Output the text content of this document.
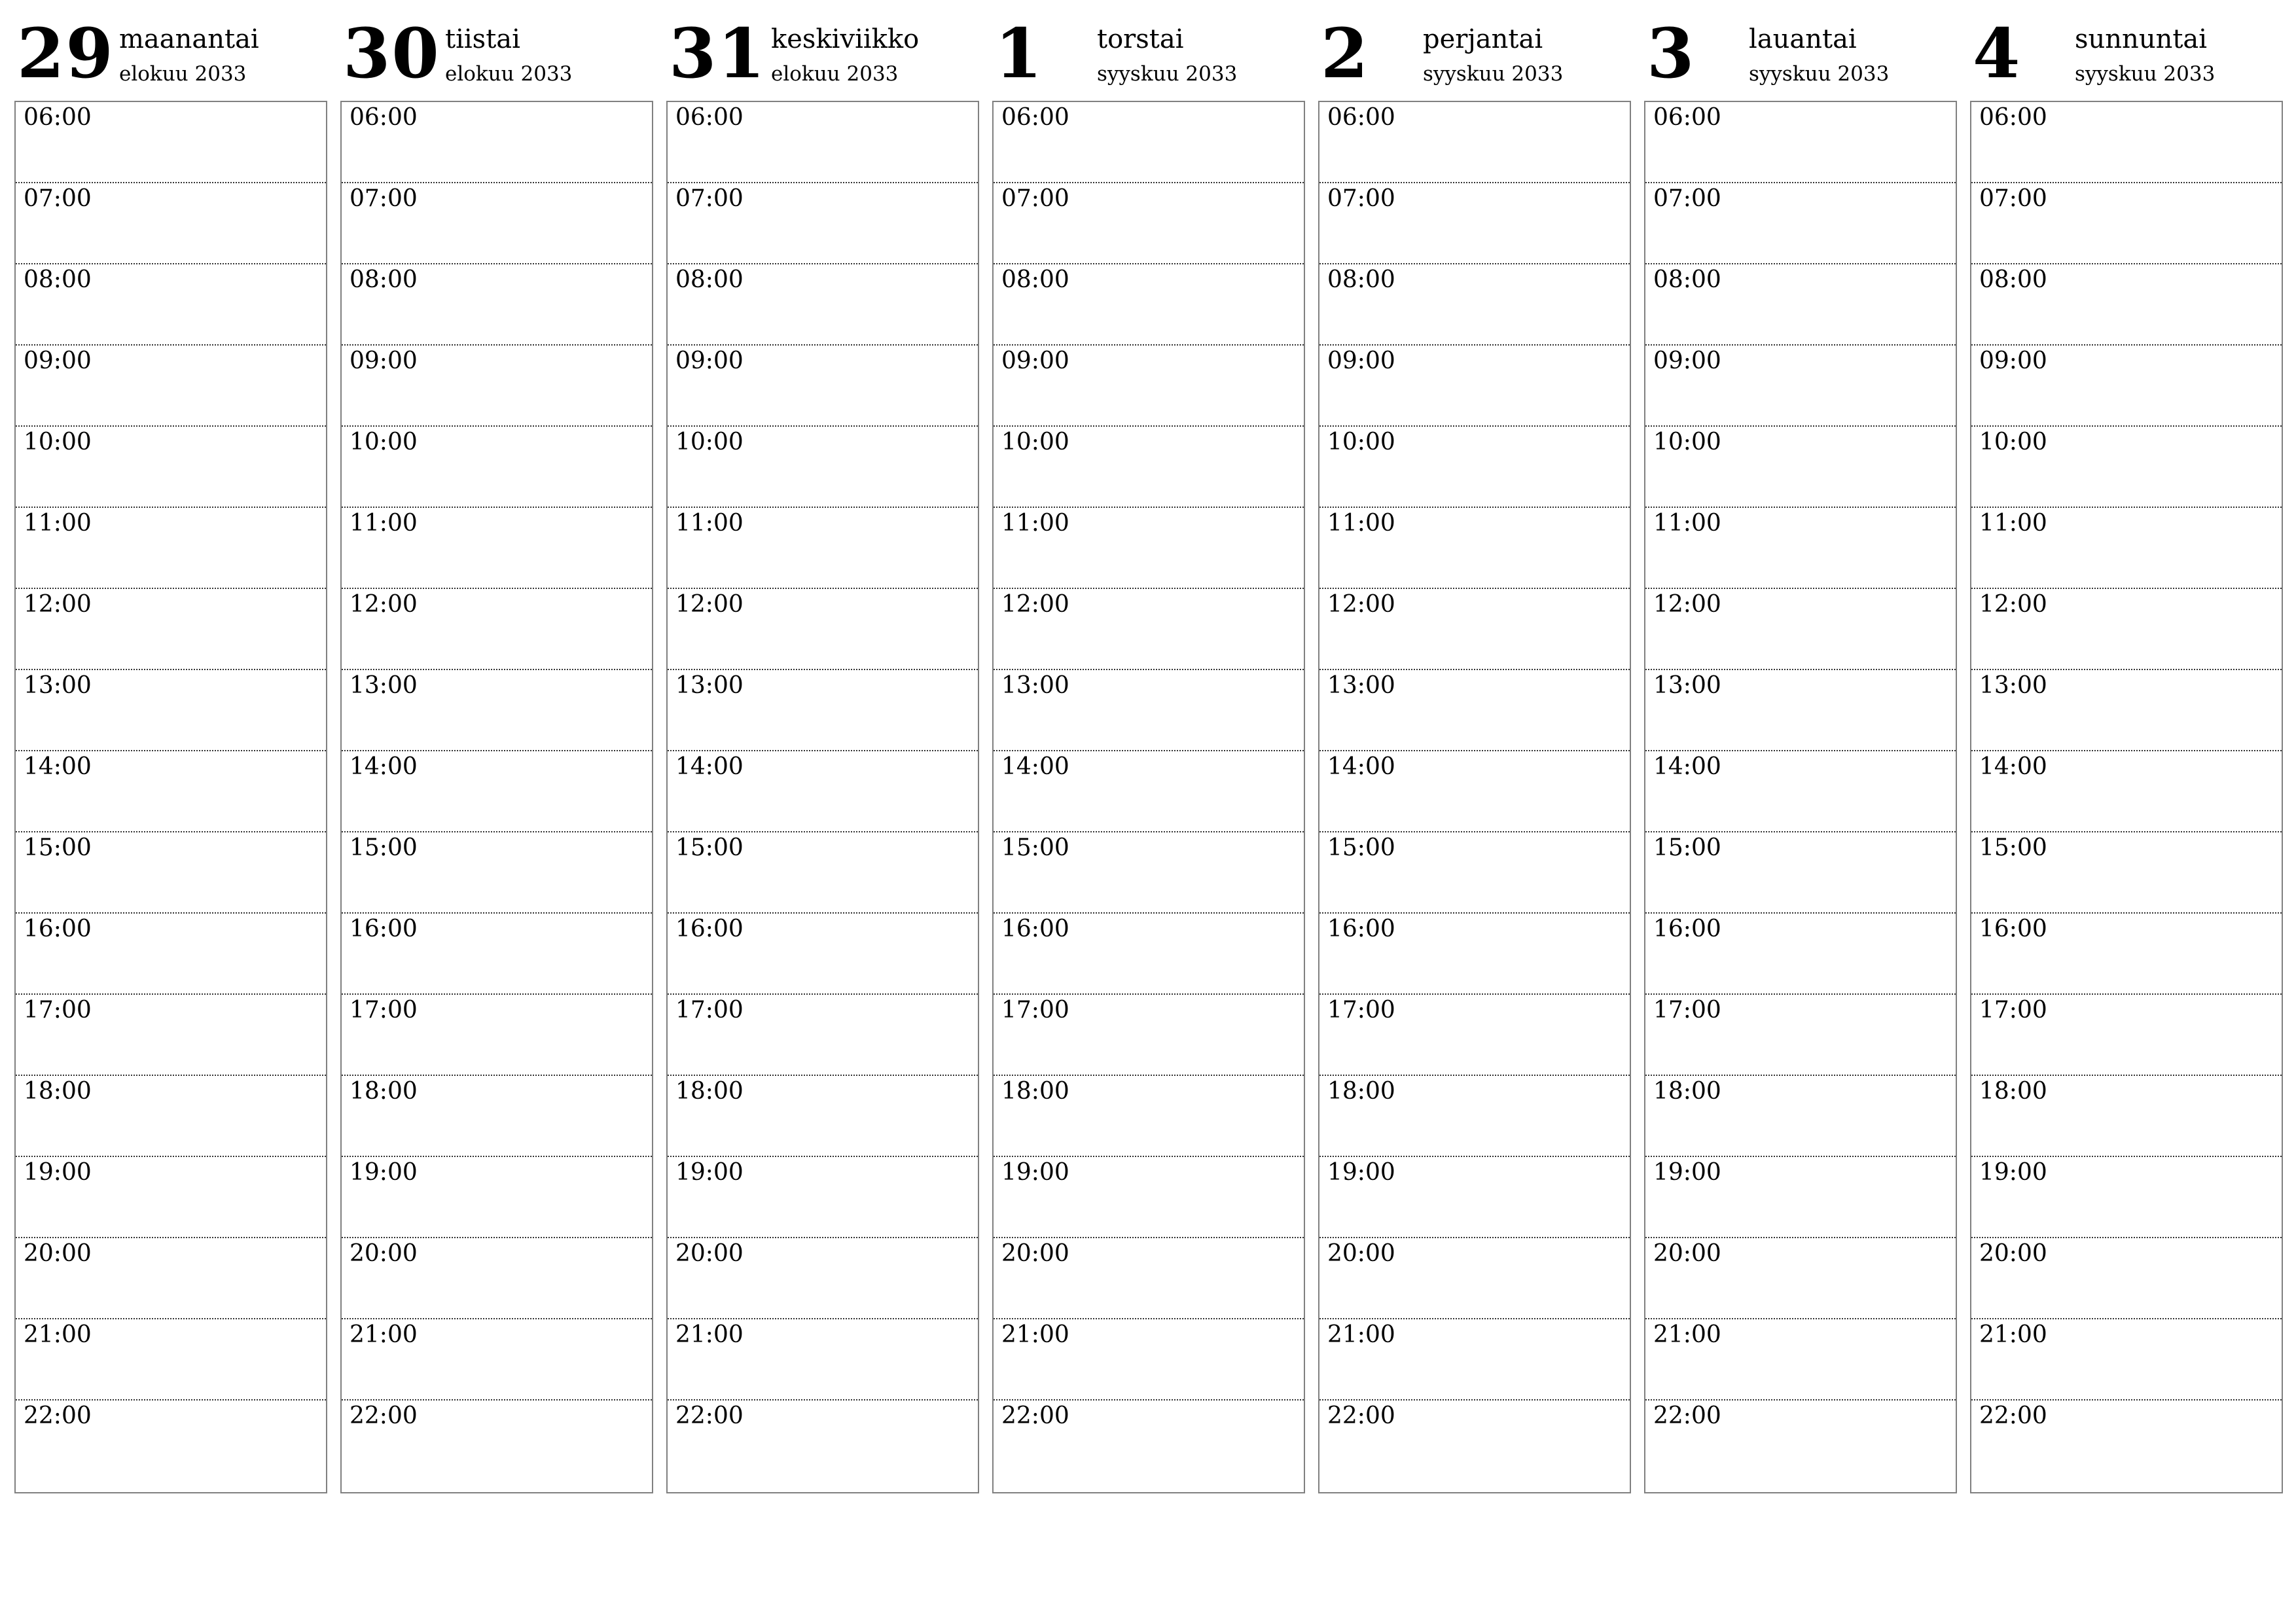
29 maanantai
elokuu 2033
06:00
07:00
08:00
09:00
10:00
11:00
12:00
13:00
14:00
15:00
16:00
17:00
18:00
19:00
20:00
21:00
22:00
30 tiistai
elokuu 2033
06:00
07:00
08:00
09:00
10:00
11:00
12:00
13:00
14:00
15:00
16:00
17:00
18:00
19:00
20:00
21:00
22:00
31 keskiviikko
elokuu 2033
06:00
07:00
08:00
09:00
10:00
11:00
12:00
13:00
14:00
15:00
16:00
17:00
18:00
19:00
20:00
21:00
22:00
1 torstai
syyskuu 2033
06:00
07:00
08:00
09:00
10:00
11:00
12:00
13:00
14:00
15:00
16:00
17:00
18:00
19:00
20:00
21:00
22:00
2 perjantai
syyskuu 2033
06:00
07:00
08:00
09:00
10:00
11:00
12:00
13:00
14:00
15:00
16:00
17:00
18:00
19:00
20:00
21:00
22:00
3 lauantai
syyskuu 2033
06:00
07:00
08:00
09:00
10:00
11:00
12:00
13:00
14:00
15:00
16:00
17:00
18:00
19:00
20:00
21:00
22:00
4 sunnuntai
syyskuu 2033
06:00
07:00
08:00
09:00
10:00
11:00
12:00
13:00
14:00
15:00
16:00
17:00
18:00
19:00
20:00
21:00
22:00
